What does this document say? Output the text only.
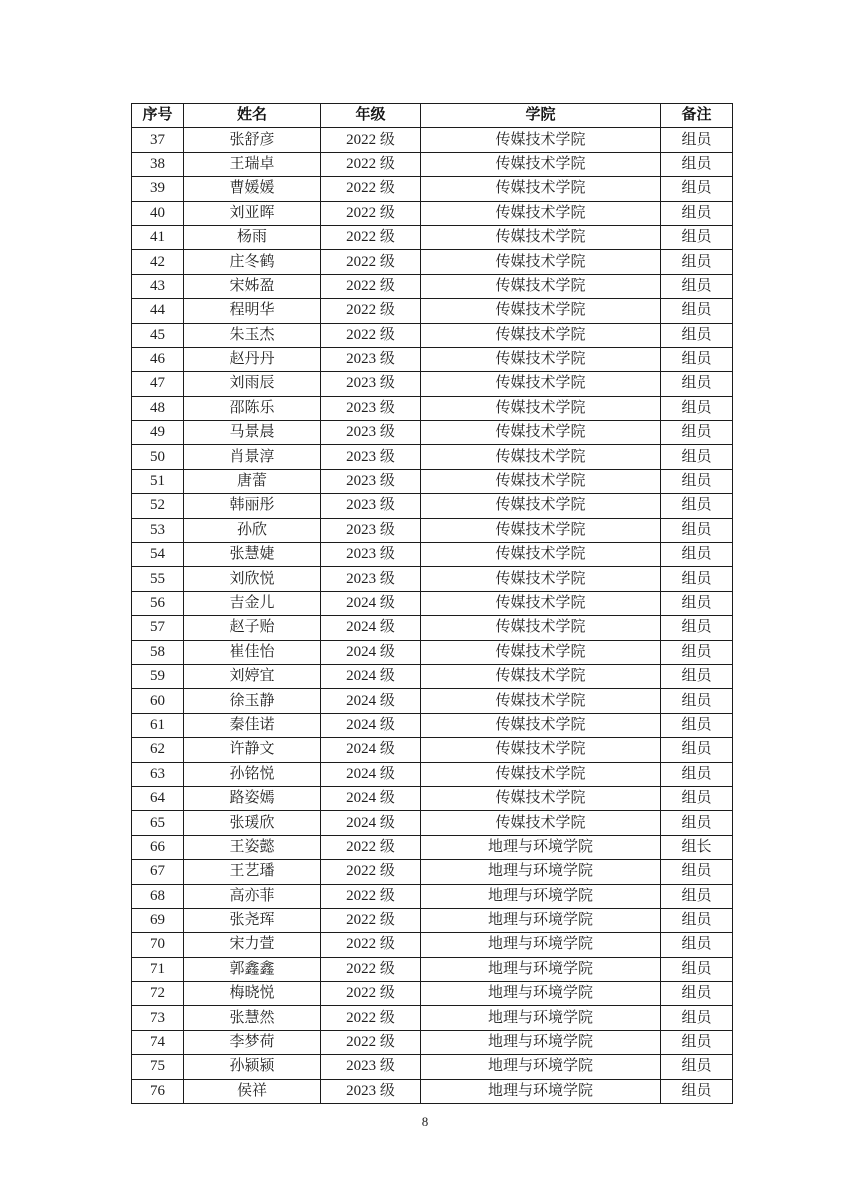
序号	姓名	年级	学院	备注
37	张舒彦	2022 级	传媒技术学院	组员
38	王瑞卓	2022 级	传媒技术学院	组员
39	曹媛媛	2022 级	传媒技术学院	组员
40	刘亚晖	2022 级	传媒技术学院	组员
41	杨雨	2022 级	传媒技术学院	组员
42	庄冬鹤	2022 级	传媒技术学院	组员
43	宋姊盈	2022 级	传媒技术学院	组员
44	程明华	2022 级	传媒技术学院	组员
45	朱玉杰	2022 级	传媒技术学院	组员
46	赵丹丹	2023 级	传媒技术学院	组员
47	刘雨辰	2023 级	传媒技术学院	组员
48	邵陈乐	2023 级	传媒技术学院	组员
49	马景晨	2023 级	传媒技术学院	组员
50	肖景淳	2023 级	传媒技术学院	组员
51	唐蕾	2023 级	传媒技术学院	组员
52	韩丽彤	2023 级	传媒技术学院	组员
53	孙欣	2023 级	传媒技术学院	组员
54	张慧婕	2023 级	传媒技术学院	组员
55	刘欣悦	2023 级	传媒技术学院	组员
56	吉金儿	2024 级	传媒技术学院	组员
57	赵子贻	2024 级	传媒技术学院	组员
58	崔佳怡	2024 级	传媒技术学院	组员
59	刘婷宜	2024 级	传媒技术学院	组员
60	徐玉静	2024 级	传媒技术学院	组员
61	秦佳诺	2024 级	传媒技术学院	组员
62	许静文	2024 级	传媒技术学院	组员
63	孙铭悦	2024 级	传媒技术学院	组员
64	路姿嫣	2024 级	传媒技术学院	组员
65	张瑗欣	2024 级	传媒技术学院	组员
66	王姿懿	2022 级	地理与环境学院	组长
67	王艺璠	2022 级	地理与环境学院	组员
68	高亦菲	2022 级	地理与环境学院	组员
69	张尧珲	2022 级	地理与环境学院	组员
70	宋力萱	2022 级	地理与环境学院	组员
71	郭鑫鑫	2022 级	地理与环境学院	组员
72	梅晓悦	2022 级	地理与环境学院	组员
73	张慧然	2022 级	地理与环境学院	组员
74	李梦荷	2022 级	地理与环境学院	组员
75	孙颍颍	2023 级	地理与环境学院	组员
76	侯祥	2023 级	地理与环境学院	组员
8
